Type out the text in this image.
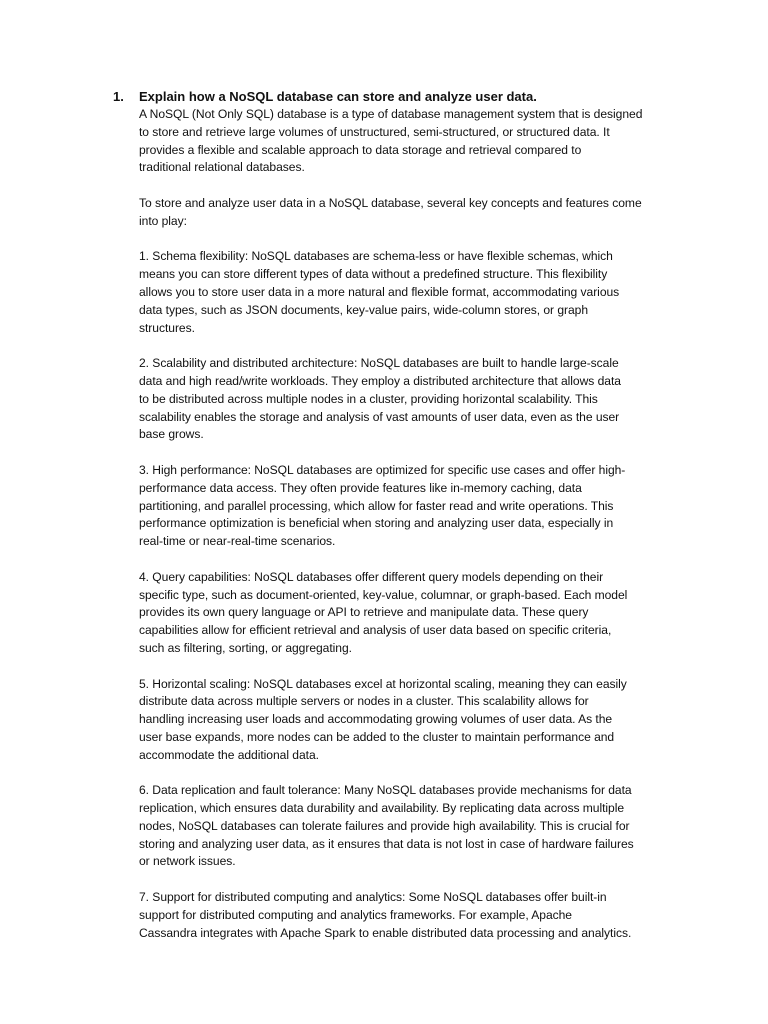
1. Explain how a NoSQL database can store and analyze user data.
A NoSQL (Not Only SQL) database is a type of database management system that is designed
to store and retrieve large volumes of unstructured, semi-structured, or structured data. It
provides a flexible and scalable approach to data storage and retrieval compared to
traditional relational databases.
To store and analyze user data in a NoSQL database, several key concepts and features come
into play:
1. Schema flexibility: NoSQL databases are schema-less or have flexible schemas, which
means you can store different types of data without a predefined structure. This flexibility
allows you to store user data in a more natural and flexible format, accommodating various
data types, such as JSON documents, key-value pairs, wide-column stores, or graph
structures.
2. Scalability and distributed architecture: NoSQL databases are built to handle large-scale
data and high read/write workloads. They employ a distributed architecture that allows data
to be distributed across multiple nodes in a cluster, providing horizontal scalability. This
scalability enables the storage and analysis of vast amounts of user data, even as the user
base grows.
3. High performance: NoSQL databases are optimized for specific use cases and offer high-
performance data access. They often provide features like in-memory caching, data
partitioning, and parallel processing, which allow for faster read and write operations. This
performance optimization is beneficial when storing and analyzing user data, especially in
real-time or near-real-time scenarios.
4. Query capabilities: NoSQL databases offer different query models depending on their
specific type, such as document-oriented, key-value, columnar, or graph-based. Each model
provides its own query language or API to retrieve and manipulate data. These query
capabilities allow for efficient retrieval and analysis of user data based on specific criteria,
such as filtering, sorting, or aggregating.
5. Horizontal scaling: NoSQL databases excel at horizontal scaling, meaning they can easily
distribute data across multiple servers or nodes in a cluster. This scalability allows for
handling increasing user loads and accommodating growing volumes of user data. As the
user base expands, more nodes can be added to the cluster to maintain performance and
accommodate the additional data.
6. Data replication and fault tolerance: Many NoSQL databases provide mechanisms for data
replication, which ensures data durability and availability. By replicating data across multiple
nodes, NoSQL databases can tolerate failures and provide high availability. This is crucial for
storing and analyzing user data, as it ensures that data is not lost in case of hardware failures
or network issues.
7. Support for distributed computing and analytics: Some NoSQL databases offer built-in
support for distributed computing and analytics frameworks. For example, Apache
Cassandra integrates with Apache Spark to enable distributed data processing and analytics.
